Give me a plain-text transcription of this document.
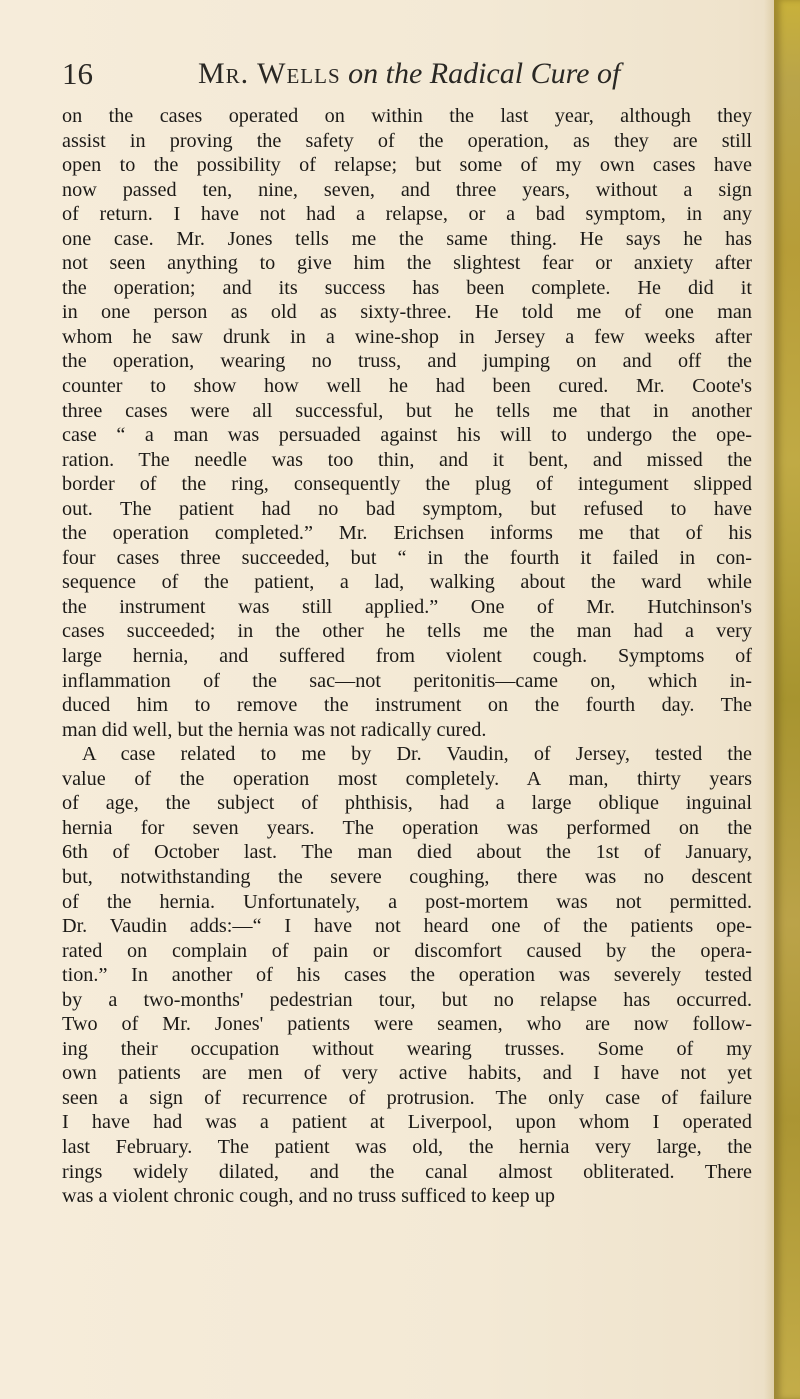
16	Mr. Wells on the Radical Cure of
on the cases operated on within the last year, although they
assist in proving the safety of the operation, as they are still
open to the possibility of relapse; but some of my own cases have
now passed ten, nine, seven, and three years, without a sign
of return. I have not had a relapse, or a bad symptom, in any
one case. Mr. Jones tells me the same thing. He says he has
not seen anything to give him the slightest fear or anxiety after
the operation; and its success has been complete. He did it
in one person as old as sixty-three. He told me of one man
whom he saw drunk in a wine-shop in Jersey a few weeks after
the operation, wearing no truss, and jumping on and off the
counter to show how well he had been cured. Mr. Coote's
three cases were all successful, but he tells me that in another
case “ a man was persuaded against his will to undergo the ope-
ration. The needle was too thin, and it bent, and missed the
border of the ring, consequently the plug of integument slipped
out. The patient had no bad symptom, but refused to have
the operation completed.” Mr. Erichsen informs me that of his
four cases three succeeded, but “ in the fourth it failed in con-
sequence of the patient, a lad, walking about the ward while
the instrument was still applied.” One of Mr. Hutchinson's
cases succeeded; in the other he tells me the man had a very
large hernia, and suffered from violent cough. Symptoms of
inflammation of the sac—not peritonitis—came on, which in-
duced him to remove the instrument on the fourth day. The
man did well, but the hernia was not radically cured.
A case related to me by Dr. Vaudin, of Jersey, tested the
value of the operation most completely. A man, thirty years
of age, the subject of phthisis, had a large oblique inguinal
hernia for seven years. The operation was performed on the
6th of October last. The man died about the 1st of January,
but, notwithstanding the severe coughing, there was no descent
of the hernia. Unfortunately, a post-mortem was not permitted.
Dr. Vaudin adds:—“ I have not heard one of the patients ope-
rated on complain of pain or discomfort caused by the opera-
tion.” In another of his cases the operation was severely tested
by a two-months' pedestrian tour, but no relapse has occurred.
Two of Mr. Jones' patients were seamen, who are now follow-
ing their occupation without wearing trusses. Some of my
own patients are men of very active habits, and I have not yet
seen a sign of recurrence of protrusion. The only case of failure
I have had was a patient at Liverpool, upon whom I operated
last February. The patient was old, the hernia very large, the
rings widely dilated, and the canal almost obliterated. There
was a violent chronic cough, and no truss sufficed to keep up
